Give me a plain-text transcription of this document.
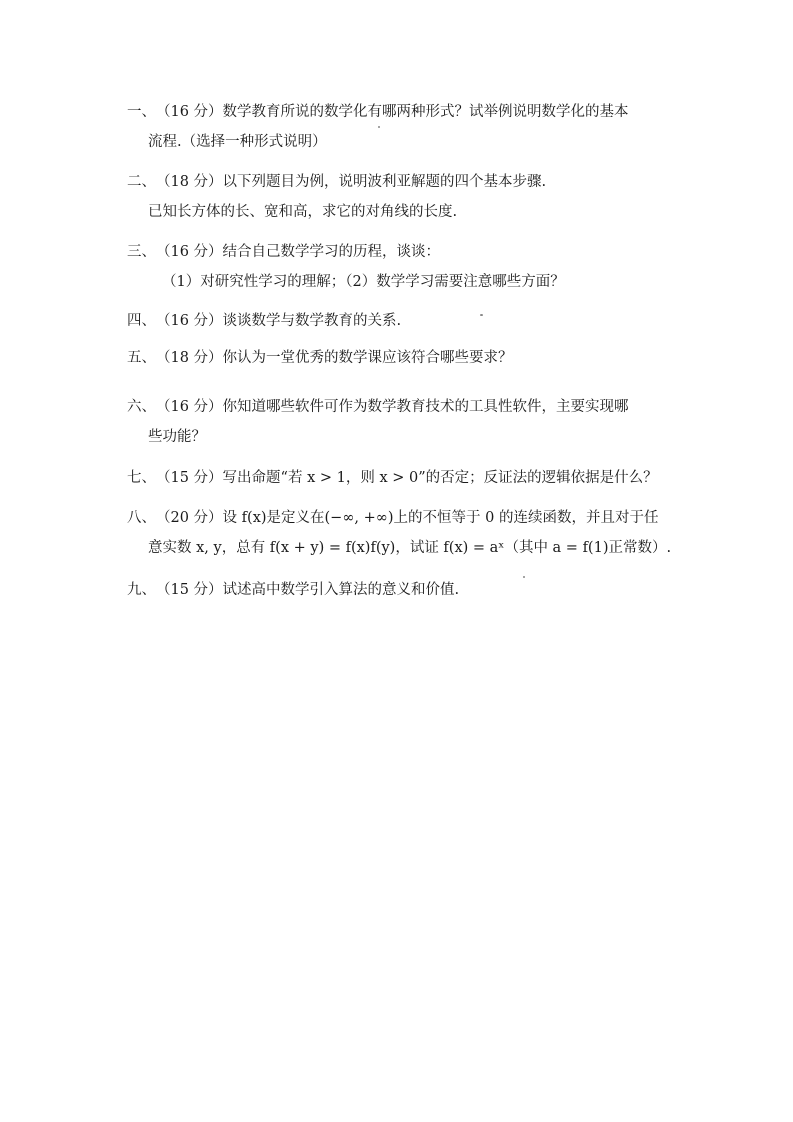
一、（16 分）数学教育所说的数学化有哪两种形式？试举例说明数学化的基本
流程.（选择一种形式说明）
二、（18 分）以下列题目为例，说明波利亚解题的四个基本步骤.
已知长方体的长、宽和高，求它的对角线的长度.
三、（16 分）结合自己数学学习的历程，谈谈：
（1）对研究性学习的理解；（2）数学学习需要注意哪些方面？
四、（16 分）谈谈数学与数学教育的关系.
五、（18 分）你认为一堂优秀的数学课应该符合哪些要求？
六、（16 分）你知道哪些软件可作为数学教育技术的工具性软件，主要实现哪
些功能？
七、（15 分）写出命题“若 x > 1，则 x > 0”的否定；反证法的逻辑依据是什么？
八、（20 分）设 f(x)是定义在(−∞, +∞)上的不恒等于 0 的连续函数，并且对于任
意实数 x, y，总有 f(x + y) = f(x)f(y)，试证 f(x) = aˣ（其中 a = f(1)正常数）.
九、（15 分）试述高中数学引入算法的意义和价值.
